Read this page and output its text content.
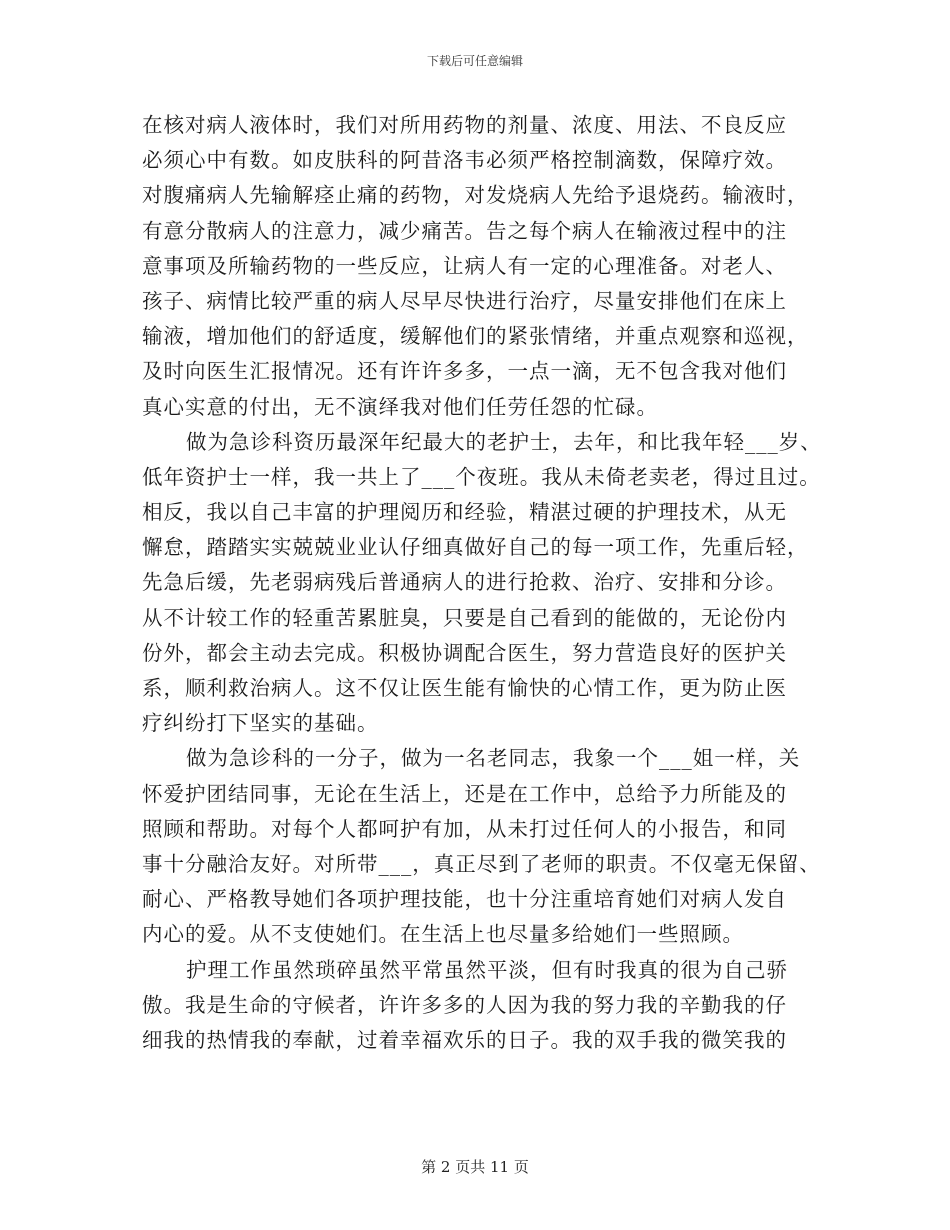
下载后可任意编辑
在核对病人液体时，我们对所用药物的剂量、浓度、用法、不良反应
必须心中有数。如皮肤科的阿昔洛韦必须严格控制滴数，保障疗效。
对腹痛病人先输解痉止痛的药物，对发烧病人先给予退烧药。输液时，
有意分散病人的注意力，减少痛苦。告之每个病人在输液过程中的注
意事项及所输药物的一些反应，让病人有一定的心理准备。对老人、
孩子、病情比较严重的病人尽早尽快进行治疗，尽量安排他们在床上
输液，增加他们的舒适度，缓解他们的紧张情绪，并重点观察和巡视，
及时向医生汇报情况。还有许许多多，一点一滴，无不包含我对他们
真心实意的付出，无不演绎我对他们任劳任怨的忙碌。
做为急诊科资历最深年纪最大的老护士，去年，和比我年轻___岁、
低年资护士一样，我一共上了___个夜班。我从未倚老卖老，得过且过。
相反，我以自己丰富的护理阅历和经验，精湛过硬的护理技术，从无
懈怠，踏踏实实兢兢业业认仔细真做好自己的每一项工作，先重后轻，
先急后缓，先老弱病残后普通病人的进行抢救、治疗、安排和分诊。
从不计较工作的轻重苦累脏臭，只要是自己看到的能做的，无论份内
份外，都会主动去完成。积极协调配合医生，努力营造良好的医护关
系，顺利救治病人。这不仅让医生能有愉快的心情工作，更为防止医
疗纠纷打下坚实的基础。
做为急诊科的一分子，做为一名老同志，我象一个___姐一样，关
怀爱护团结同事，无论在生活上，还是在工作中，总给予力所能及的
照顾和帮助。对每个人都呵护有加，从未打过任何人的小报告，和同
事十分融洽友好。对所带___，真正尽到了老师的职责。不仅毫无保留、
耐心、严格教导她们各项护理技能，也十分注重培育她们对病人发自
内心的爱。从不支使她们。在生活上也尽量多给她们一些照顾。
护理工作虽然琐碎虽然平常虽然平淡，但有时我真的很为自己骄
傲。我是生命的守候者，许许多多的人因为我的努力我的辛勤我的仔
细我的热情我的奉献，过着幸福欢乐的日子。我的双手我的微笑我的
第 2 页共 11 页
